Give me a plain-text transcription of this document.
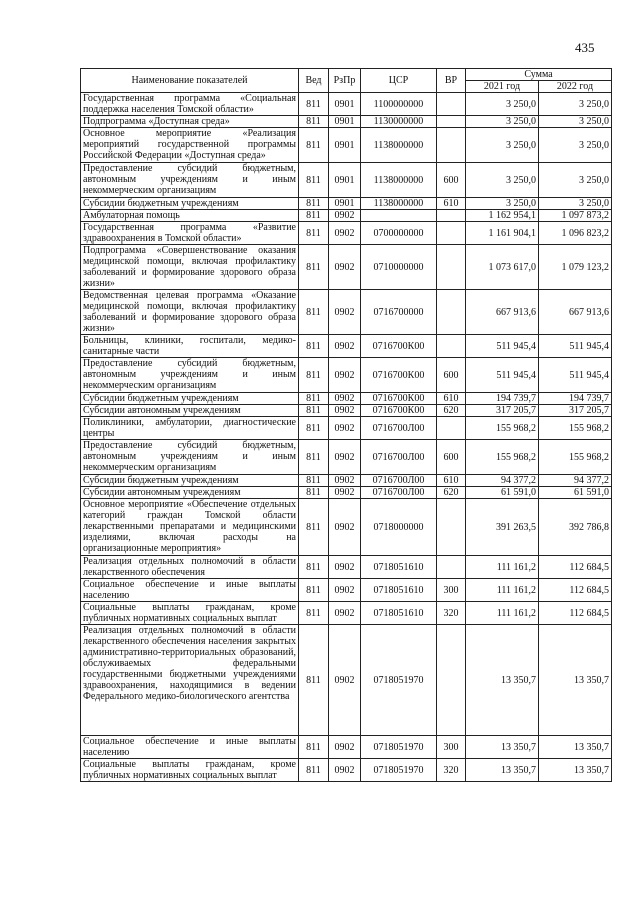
435
Наименование показателей	Вед	РзПр	ЦСР	ВР	Сумма	
					2021 год	2022 год
Государственная программа «Социальная поддержка населения Томской области»	811	0901	1100000000		3 250,0	3 250,0
Подпрограмма «Доступная среда»	811	0901	1130000000		3 250,0	3 250,0
Основное мероприятие «Реализация мероприятий государственной программы Российской Федерации «Доступная среда»	811	0901	1138000000		3 250,0	3 250,0
Предоставление субсидий бюджетным, автономным учреждениям и иным некоммерческим организациям	811	0901	1138000000	600	3 250,0	3 250,0
Субсидии бюджетным учреждениям	811	0901	1138000000	610	3 250,0	3 250,0
Амбулаторная помощь	811	0902			1 162 954,1	1 097 873,2
Государственная программа «Развитие здравоохранения в Томской области»	811	0902	0700000000		1 161 904,1	1 096 823,2
Подпрограмма «Совершенствование оказания медицинской помощи, включая профилактику заболеваний и формирование здорового образа жизни»	811	0902	0710000000		1 073 617,0	1 079 123,2
Ведомственная целевая программа «Оказание медицинской помощи, включая профилактику заболеваний и формирование здорового образа жизни»	811	0902	0716700000		667 913,6	667 913,6
Больницы, клиники, госпитали, медико-санитарные части	811	0902	0716700К00		511 945,4	511 945,4
Предоставление субсидий бюджетным, автономным учреждениям и иным некоммерческим организациям	811	0902	0716700К00	600	511 945,4	511 945,4
Субсидии бюджетным учреждениям	811	0902	0716700К00	610	194 739,7	194 739,7
Субсидии автономным учреждениям	811	0902	0716700К00	620	317 205,7	317 205,7
Поликлиники, амбулатории, диагностические центры	811	0902	0716700Л00		155 968,2	155 968,2
Предоставление субсидий бюджетным, автономным учреждениям и иным некоммерческим организациям	811	0902	0716700Л00	600	155 968,2	155 968,2
Субсидии бюджетным учреждениям	811	0902	0716700Л00	610	94 377,2	94 377,2
Субсидии автономным учреждениям	811	0902	0716700Л00	620	61 591,0	61 591,0
Основное мероприятие «Обеспечение отдельных категорий граждан Томской области лекарственными препаратами и медицинскими изделиями, включая расходы на организационные мероприятия»	811	0902	0718000000		391 263,5	392 786,8
Реализация отдельных полномочий в области лекарственного обеспечения	811	0902	0718051610		111 161,2	112 684,5
Социальное обеспечение и иные выплаты населению	811	0902	0718051610	300	111 161,2	112 684,5
Социальные выплаты гражданам, кроме публичных нормативных социальных выплат	811	0902	0718051610	320	111 161,2	112 684,5
Реализация отдельных полномочий в области лекарственного обеспечения населения закрытых административно-территориальных образований, обслуживаемых федеральными государственными бюджетными учреждениями здравоохранения, находящимися в ведении Федерального медико-биологического агентства	811	0902	0718051970		13 350,7	13 350,7
Социальное обеспечение и иные выплаты населению	811	0902	0718051970	300	13 350,7	13 350,7
Социальные выплаты гражданам, кроме публичных нормативных социальных выплат	811	0902	0718051970	320	13 350,7	13 350,7
